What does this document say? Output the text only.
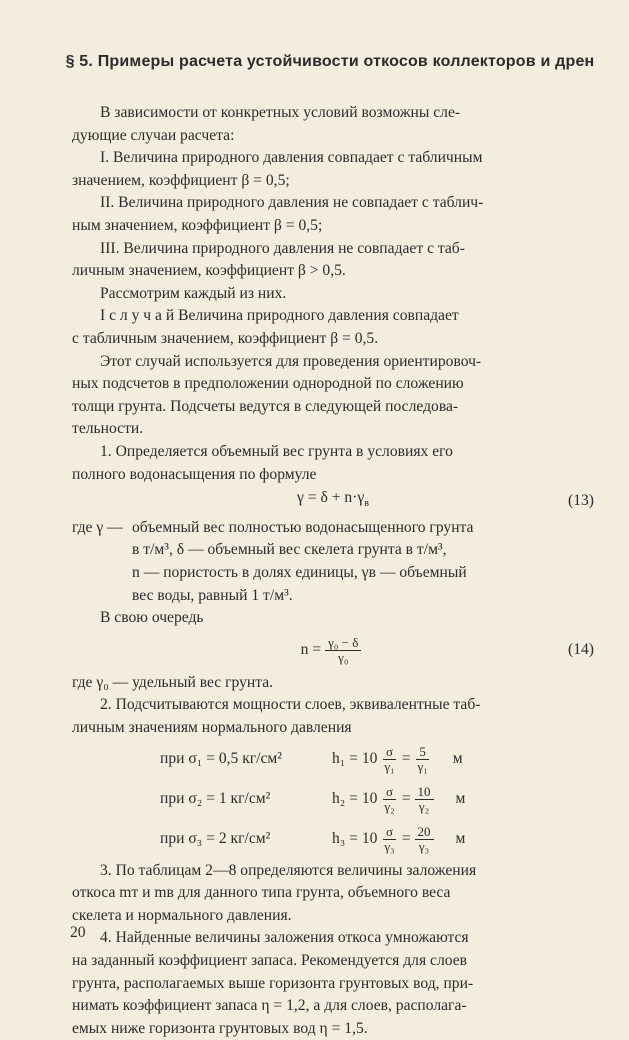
§ 5. Примеры расчета устойчивости откосов коллекторов и дрен

В зависимости от конкретных условий возможны сле-

дующие случаи расчета:

I. Величина природного давления совпадает с табличным

значением, коэффициент β = 0,5;

II. Величина природного давления не совпадает с таблич-

ным значением, коэффициент β = 0,5;

III. Величина природного давления не совпадает с таб-

личным значением, коэффициент β > 0,5.

Рассмотрим каждый из них.

I с л у ч а й Величина природного давления совпадает

с табличным значением, коэффициент β = 0,5.

Этот случай используется для проведения ориентировоч-

ных подсчетов в предположении однородной по сложению

толщи грунта. Подсчеты ведутся в следующей последова-

тельности.

1. Определяется объемный вес грунта в условиях его

полного водонасыщения по формуле

$\gamma = \delta + n\cdot\gamma_в$	(13)
где γ — объемный вес полностью водонасыщенного грунта

в т/м³, δ — объемный вес скелета грунта в т/м³,

n — пористость в долях единицы, γв — объемный

вес воды, равный 1 т/м³.

В свою очередь

$n = \frac{\text{γ₀ − δ}}{\text{γ₀}}$	(14)

где γ₀ — удельный вес грунта.

2. Подсчитываются мощности слоев, эквивалентные таб-

личным значениям нормального давления

при σ₁ = 0,5 кг/см²	$h_1 = 10 \frac{\sigma}{\text{γ₁}} = \frac{5}{\text{γ₁}}$ м
при σ₂ = 1 кг/см²	$h_2 = 10 \frac{\sigma}{\text{γ₂}} = \frac{10}{\text{γ₂}}$ м
при σ₃ = 2 кг/см²	$h_3 = 10 \frac{\sigma}{\text{γ₃}} = \frac{20}{\text{γ₃}}$ м

3. По таблицам 2—8 определяются величины заложения

откоса mт и mв для данного типа грунта, объемного веса

скелета и нормального давления.

4. Найденные величины заложения откоса умножаются

на заданный коэффициент запаса. Рекомендуется для слоев

грунта, располагаемых выше горизонта грунтовых вод, при-

нимать коэффициент запаса η = 1,2, а для слоев, располага-

емых ниже горизонта грунтовых вод η = 1,5.

20
